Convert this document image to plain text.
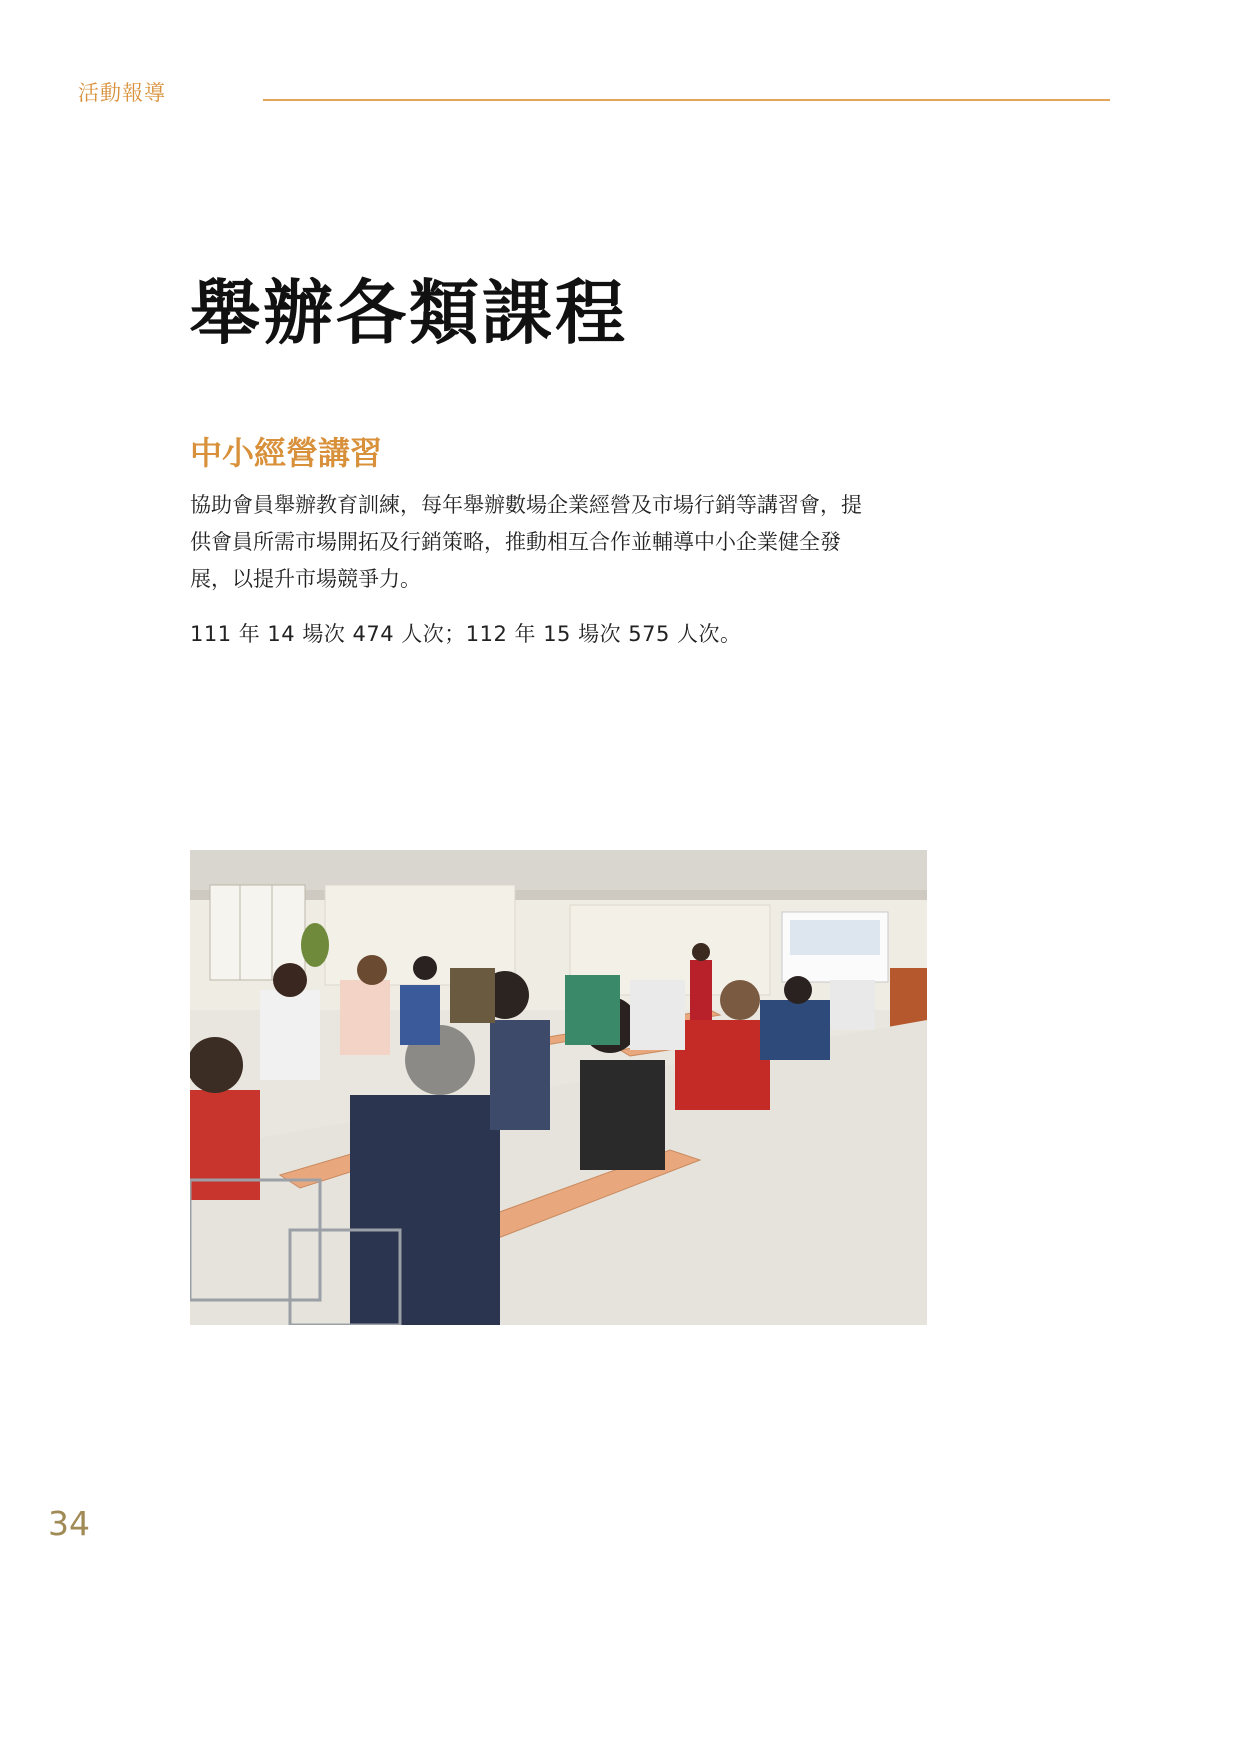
活動報導
舉辦各類課程
中小經營講習

協助會員舉辦教育訓練，每年舉辦數場企業經營及市場行銷等講習會，提供會員所需市場開拓及行銷策略，推動相互合作並輔導中小企業健全發展，以提升市場競爭力。

111 年 14 場次 474 人次；112 年 15 場次 575 人次。

34
